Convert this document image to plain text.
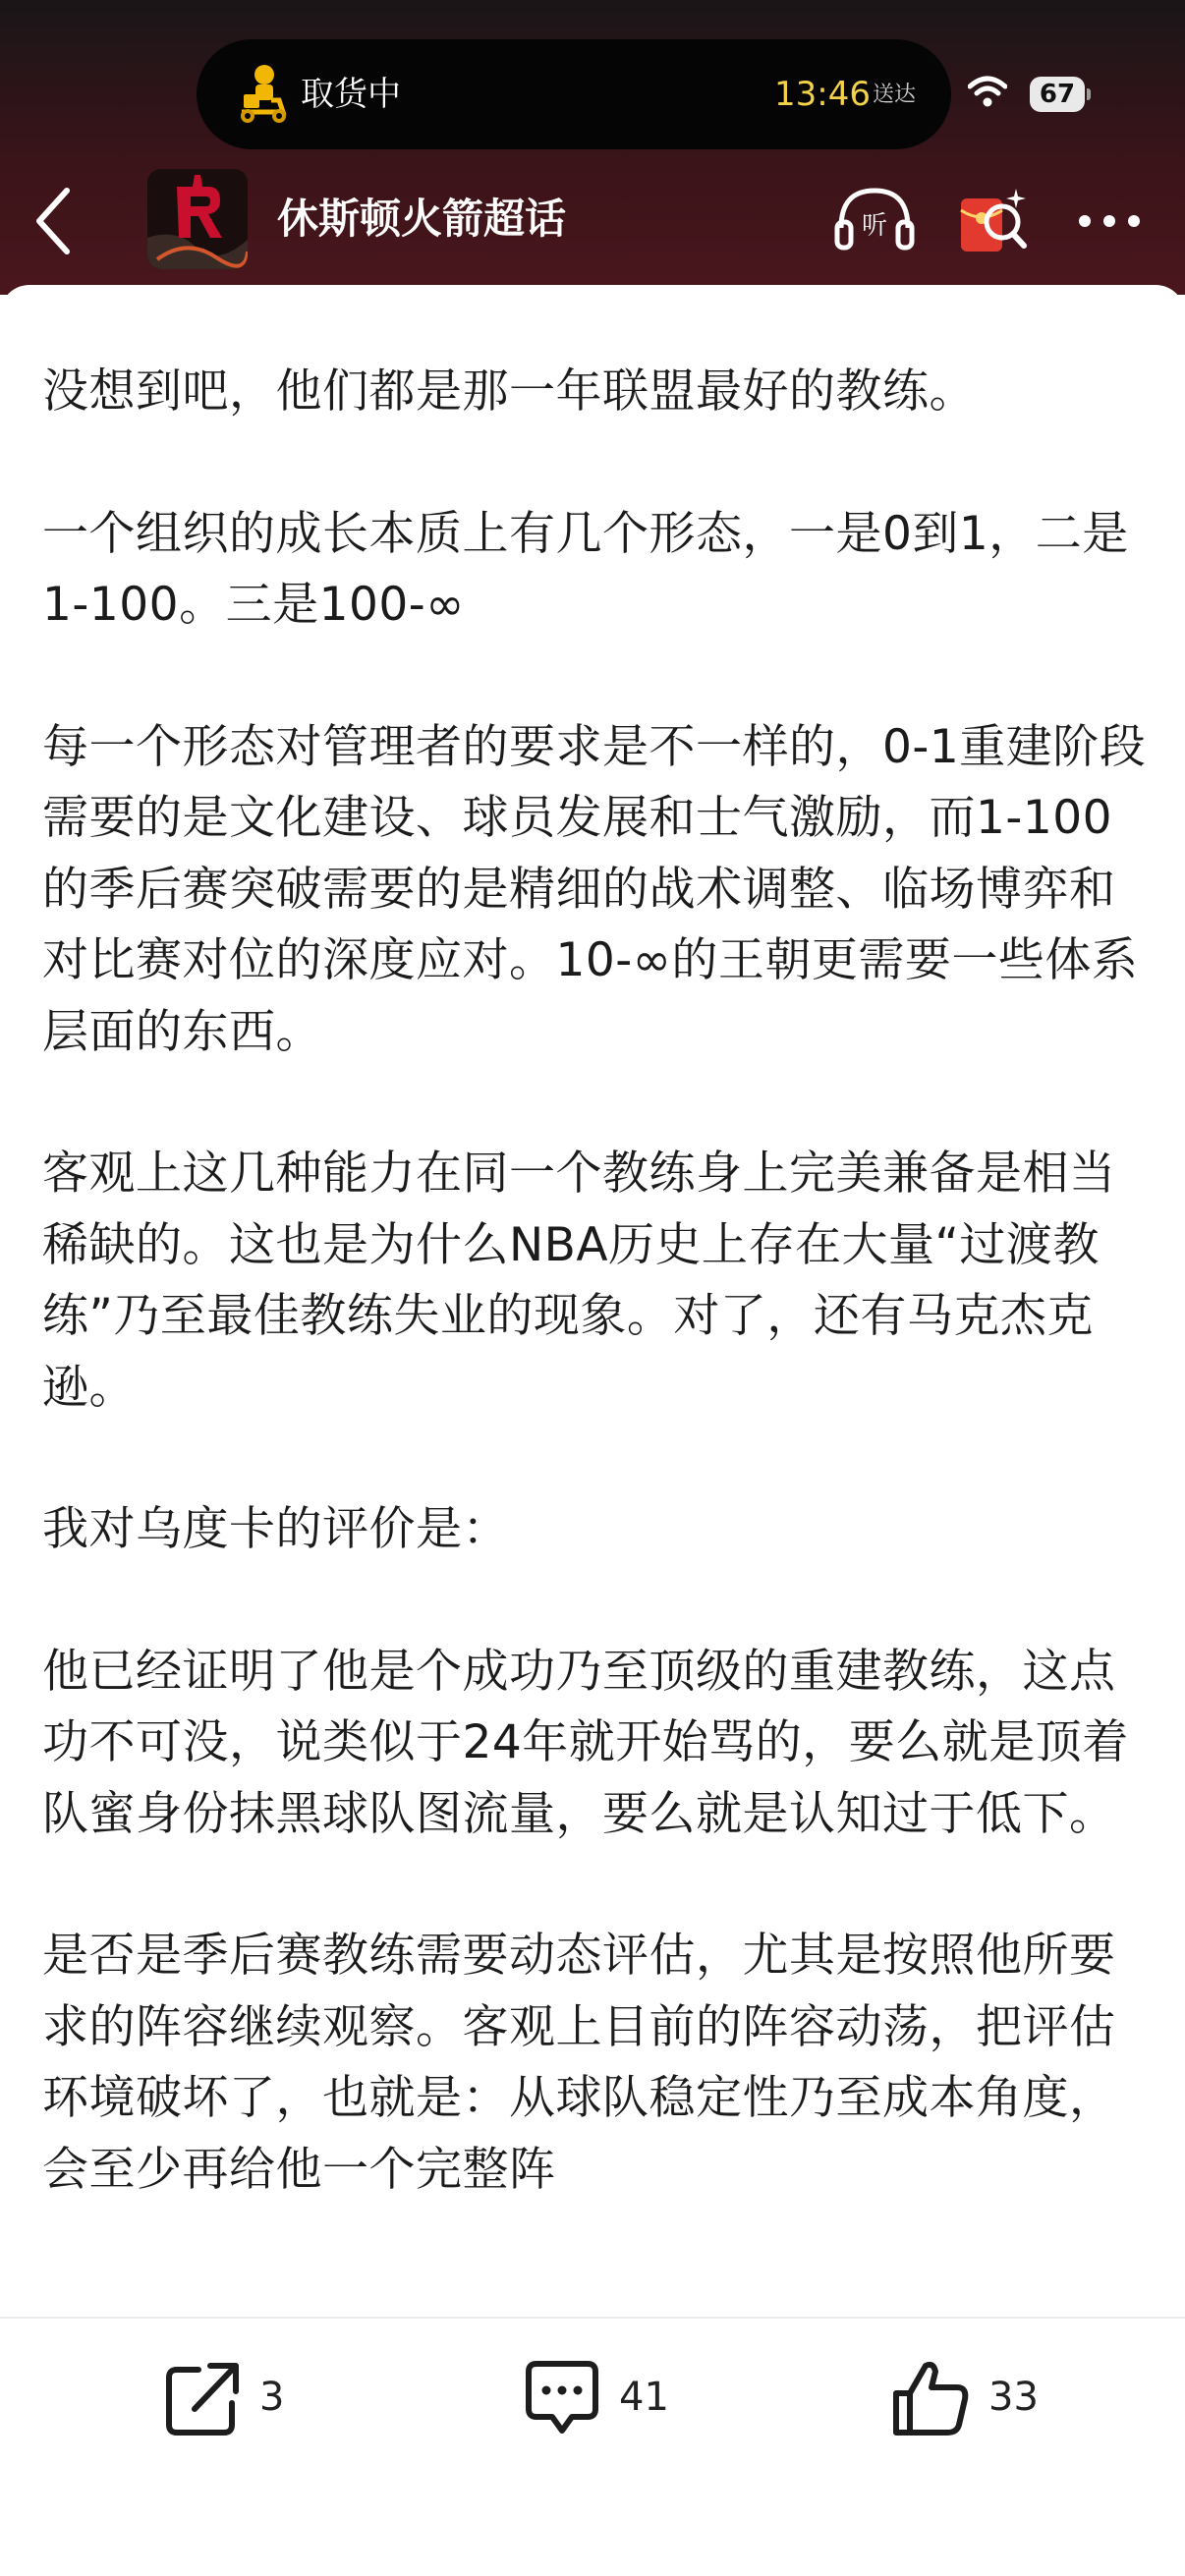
取货中	13:46 送达	67
休斯顿火箭超话	听

没想到吧，他们都是那一年联盟最好的教练。

一个组织的成长本质上有几个形态，一是0到1，二是1-100。三是100-∞

每一个形态对管理者的要求是不一样的，0-1重建阶段需要的是文化建设、球员发展和士气激励，而1-100的季后赛突破需要的是精细的战术调整、临场博弈和对比赛对位的深度应对。10-∞的王朝更需要一些体系层面的东西。

客观上这几种能力在同一个教练身上完美兼备是相当稀缺的。这也是为什么NBA历史上存在大量“过渡教练”乃至最佳教练失业的现象。对了，还有马克杰克逊。

我对乌度卡的评价是：

他已经证明了他是个成功乃至顶级的重建教练，这点功不可没，说类似于24年就开始骂的，要么就是顶着队蜜身份抹黑球队图流量，要么就是认知过于低下。

是否是季后赛教练需要动态评估，尤其是按照他所要求的阵容继续观察。客观上目前的阵容动荡，把评估环境破坏了，也就是：从球队稳定性乃至成本角度，会至少再给他一个完整阵

3	41	33
